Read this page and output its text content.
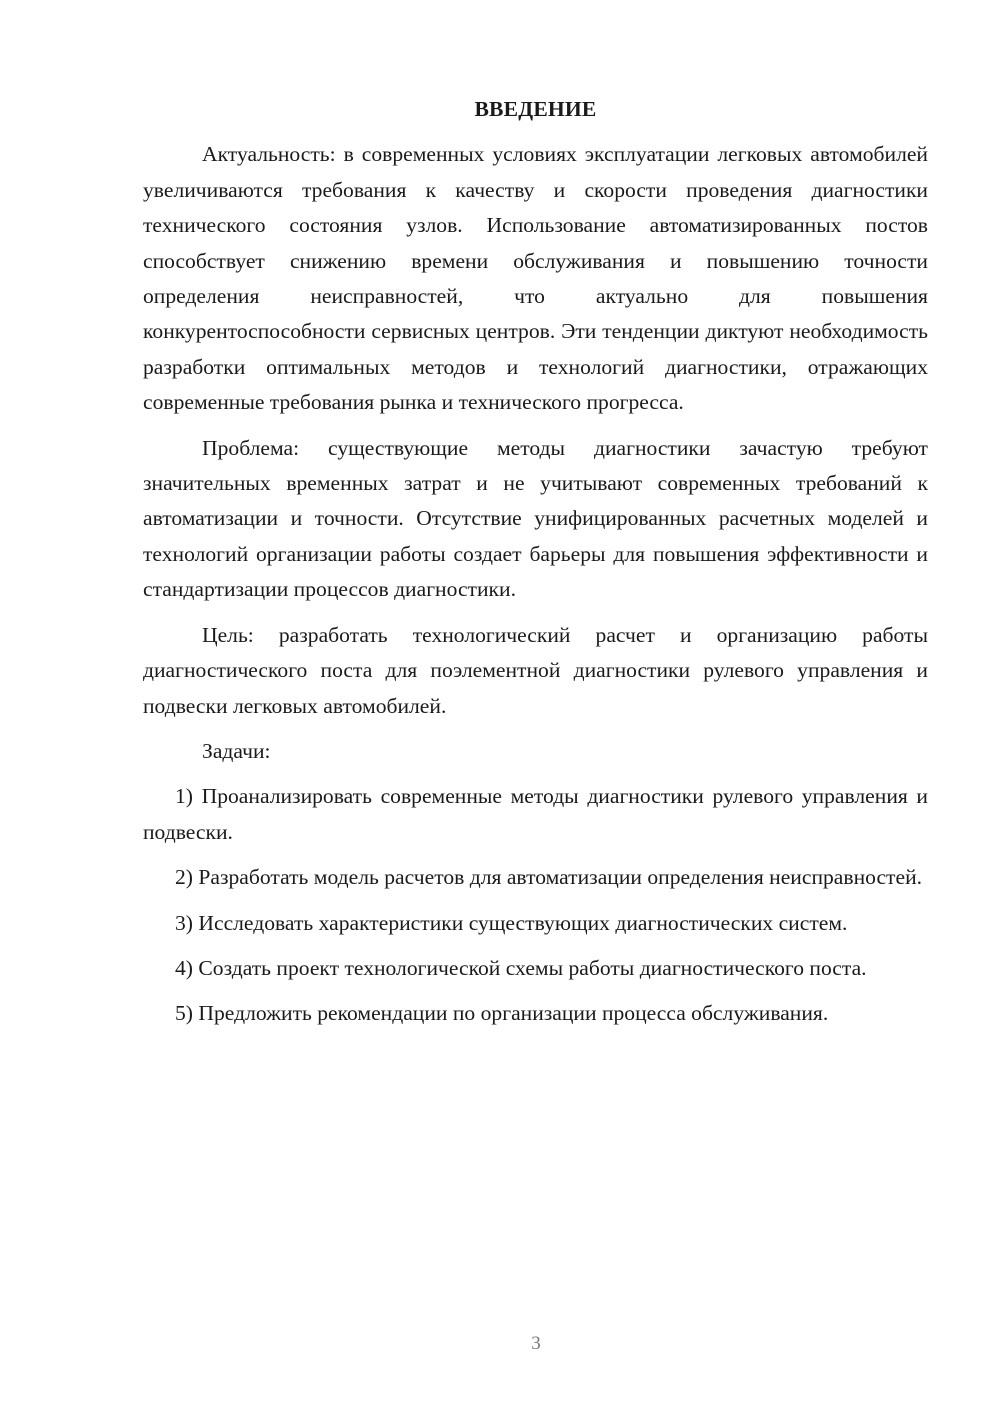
ВВЕДЕНИЕ

Актуальность: в современных условиях эксплуатации легковых автомобилей увеличиваются требования к качеству и скорости проведения диагностики технического состояния узлов. Использование автоматизированных постов способствует снижению времени обслуживания и повышению точности определения неисправностей, что актуально для повышения конкурентоспособности сервисных центров. Эти тенденции диктуют необходимость разработки оптимальных методов и технологий диагностики, отражающих современные требования рынка и технического прогресса.

Проблема: существующие методы диагностики зачастую требуют значительных временных затрат и не учитывают современных требований к автоматизации и точности. Отсутствие унифицированных расчетных моделей и технологий организации работы создает барьеры для повышения эффективности и стандартизации процессов диагностики.

Цель: разработать технологический расчет и организацию работы диагностического поста для поэлементной диагностики рулевого управления и подвески легковых автомобилей.

Задачи:

1) Проанализировать современные методы диагностики рулевого управления и подвески.

2) Разработать модель расчетов для автоматизации определения неисправностей.

3) Исследовать характеристики существующих диагностических систем.

4) Создать проект технологической схемы работы диагностического поста.

5) Предложить рекомендации по организации процесса обслуживания.

3
